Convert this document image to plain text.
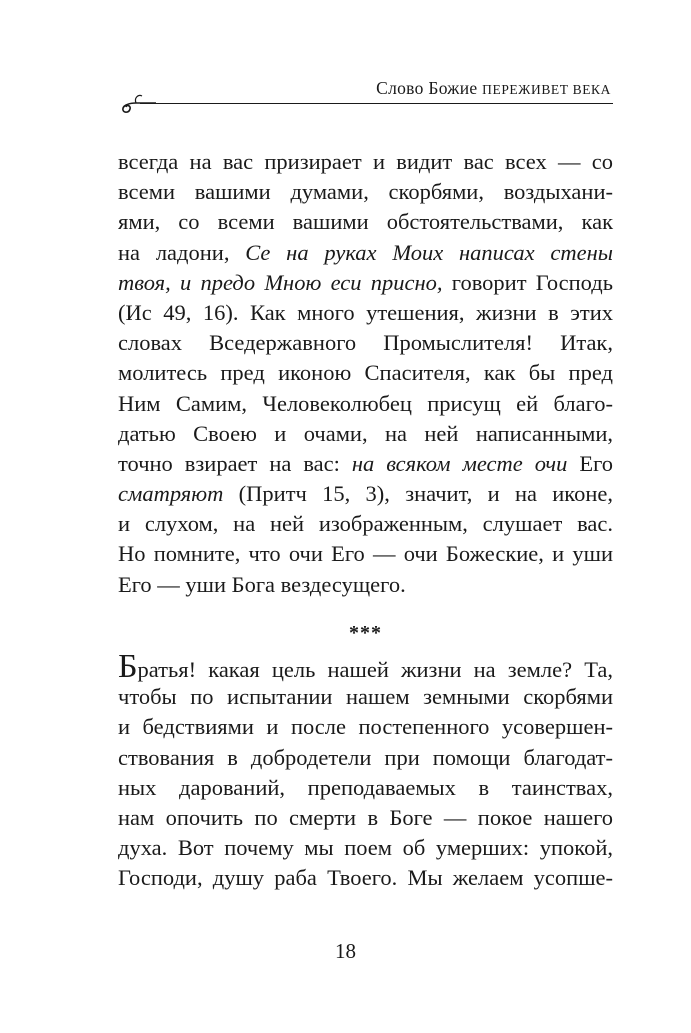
Слово Божие ПЕРЕЖИВЕТ ВЕКА
всегда на вас призирает и видит вас всех — со
всеми вашими думами, скорбями, воздыхани-
ями, со всеми вашими обстоятельствами, как
на ладони, Се на руках Моих написах стены
твоя, и предо Мною еси присно, говорит Господь
(Ис 49, 16). Как много утешения, жизни в этих
словах Вседержавного Промыслителя! Итак,
молитесь пред иконою Спасителя, как бы пред
Ним Самим, Человеколюбец присущ ей благо-
датью Своею и очами, на ней написанными,
точно взирает на вас: на всяком месте очи Его
сматряют (Притч 15, 3), значит, и на иконе,
и слухом, на ней изображенным, слушает вас.
Но помните, что очи Его — очи Божеские, и уши
Его — уши Бога вездесущего.
***
Братья! какая цель нашей жизни на земле? Та,
чтобы по испытании нашем земными скорбями
и бедствиями и после постепенного усовершен-
ствования в добродетели при помощи благодат-
ных дарований, преподаваемых в таинствах,
нам опочить по смерти в Боге — покое нашего
духа. Вот почему мы поем об умерших: упокой,
Господи, душу раба Твоего. Мы желаем усопше-
18
